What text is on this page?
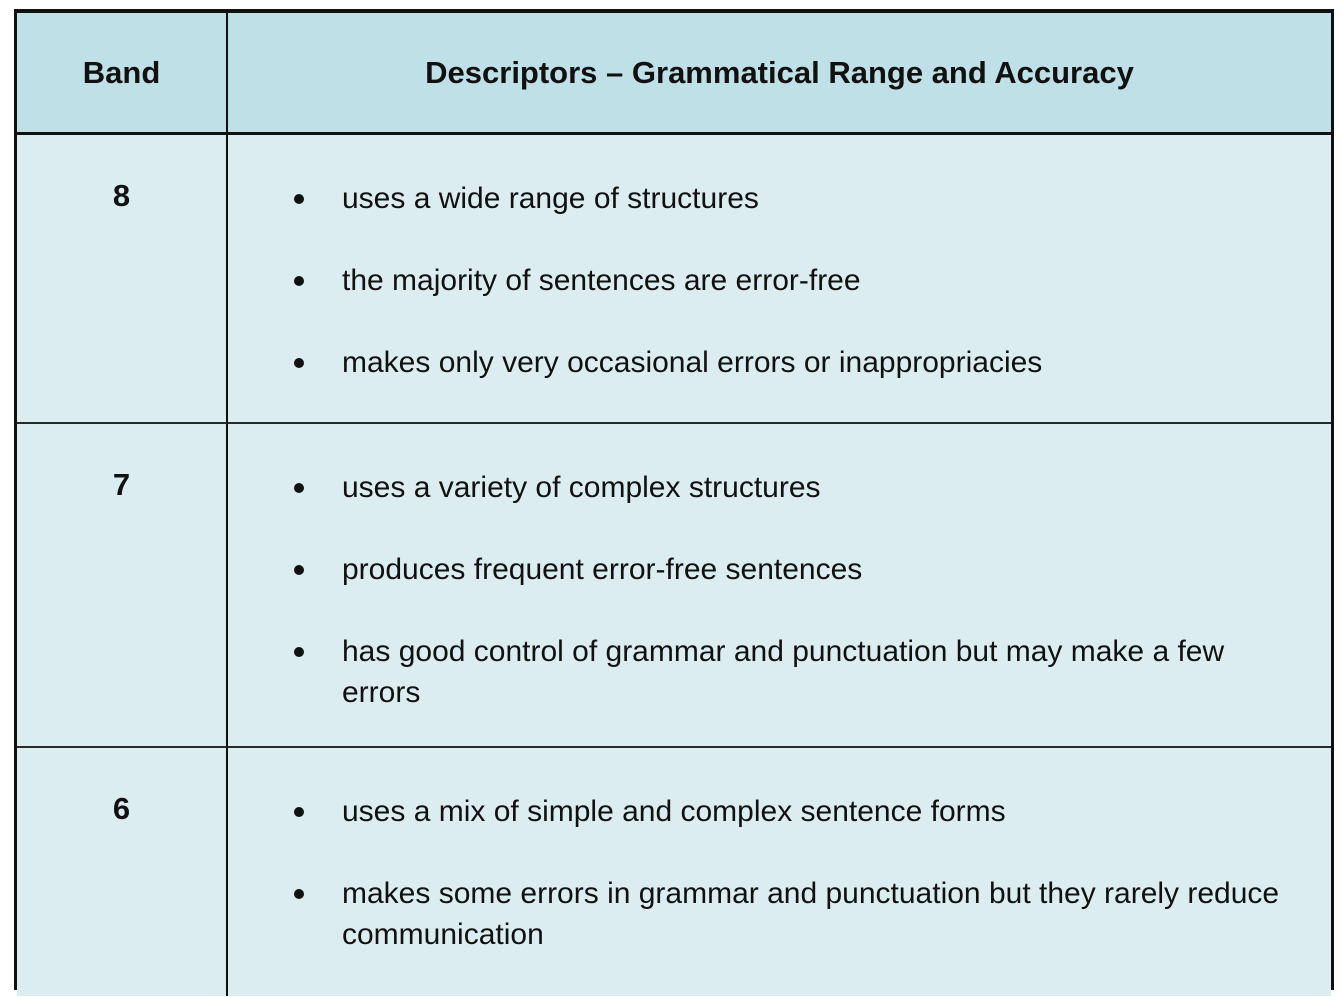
Band	Descriptors – Grammatical Range and Accuracy
8	uses a wide range of structures
the majority of sentences are error-free
makes only very occasional errors or inappropriacies
7	uses a variety of complex structures
produces frequent error-free sentences
has good control of grammar and punctuation but may make a few errors
6	uses a mix of simple and complex sentence forms
makes some errors in grammar and punctuation but they rarely reduce communication
